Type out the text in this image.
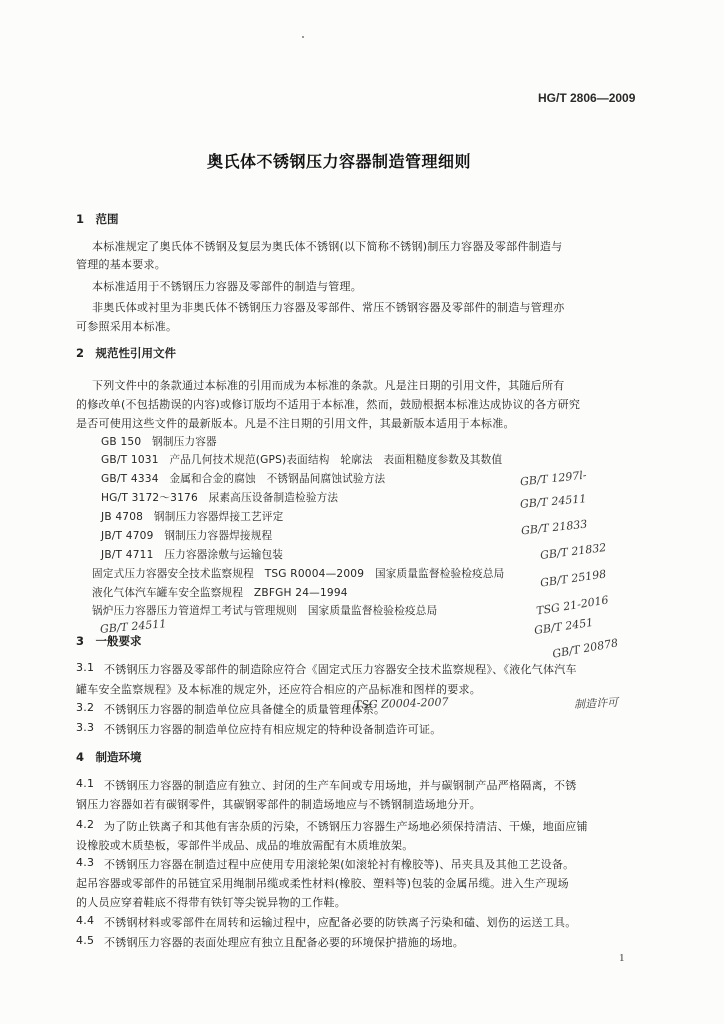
HG/T 2806—2009
奥氏体不锈钢压力容器制造管理细则
1　范围
本标准规定了奥氏体不锈钢及复层为奥氏体不锈钢(以下简称不锈钢)制压力容器及零部件制造与
管理的基本要求。
本标准适用于不锈钢压力容器及零部件的制造与管理。
非奥氏体或衬里为非奥氏体不锈钢压力容器及零部件、常压不锈钢容器及零部件的制造与管理亦
可参照采用本标准。
2　规范性引用文件
下列文件中的条款通过本标准的引用而成为本标准的条款。凡是注日期的引用文件，其随后所有
的修改单(不包括勘误的内容)或修订版均不适用于本标准，然而，鼓励根据本标准达成协议的各方研究
是否可使用这些文件的最新版本。凡是不注日期的引用文件，其最新版本适用于本标准。
GB 150　钢制压力容器
GB/T 1031　产品几何技术规范(GPS)表面结构　轮廓法　表面粗糙度参数及其数值
GB/T 4334　金属和合金的腐蚀　不锈钢晶间腐蚀试验方法
HG/T 3172～3176　尿素高压设备制造检验方法
JB 4708　钢制压力容器焊接工艺评定
JB/T 4709　钢制压力容器焊接规程
JB/T 4711　压力容器涂敷与运输包装
固定式压力容器安全技术监察规程　TSG R0004—2009　国家质量监督检验检疫总局
液化气体汽车罐车安全监察规程　ZBFGH 24—1994
锅炉压力容器压力管道焊工考试与管理规则　国家质量监督检验检疫总局
GB/T 1297l-
GB/T 24511
GB/T 21833
GB/T 21832
GB/T 25198
TSG 21-2016
GB/T 2451
GB/T 20878
TSG Z0004-2007	制造许可
GB/T 24511
3　一般要求
3.1 不锈钢压力容器及零部件的制造除应符合《固定式压力容器安全技术监察规程》、《液化气体汽车
罐车安全监察规程》及本标准的规定外，还应符合相应的产品标准和图样的要求。
3.2 不锈钢压力容器的制造单位应具备健全的质量管理体系。
3.3 不锈钢压力容器的制造单位应持有相应规定的特种设备制造许可证。
4　制造环境
4.1 不锈钢压力容器的制造应有独立、封闭的生产车间或专用场地，并与碳钢制产品严格隔离，不锈
钢压力容器如若有碳钢零件，其碳钢零部件的制造场地应与不锈钢制造场地分开。
4.2 为了防止铁离子和其他有害杂质的污染，不锈钢压力容器生产场地必须保持清洁、干燥，地面应铺
设橡胶或木质垫板，零部件半成品、成品的堆放需配有木质堆放架。
4.3 不锈钢压力容器在制造过程中应使用专用滚轮架(如滚轮衬有橡胶等)、吊夹具及其他工艺设备。
起吊容器或零部件的吊链宜采用绳制吊缆或柔性材料(橡胶、塑料等)包装的金属吊缆。进入生产现场
的人员应穿着鞋底不得带有铁钉等尖锐异物的工作鞋。
4.4 不锈钢材料或零部件在周转和运输过程中，应配备必要的防铁离子污染和磕、划伤的运送工具。
4.5 不锈钢压力容器的表面处理应有独立且配备必要的环境保护措施的场地。
1
